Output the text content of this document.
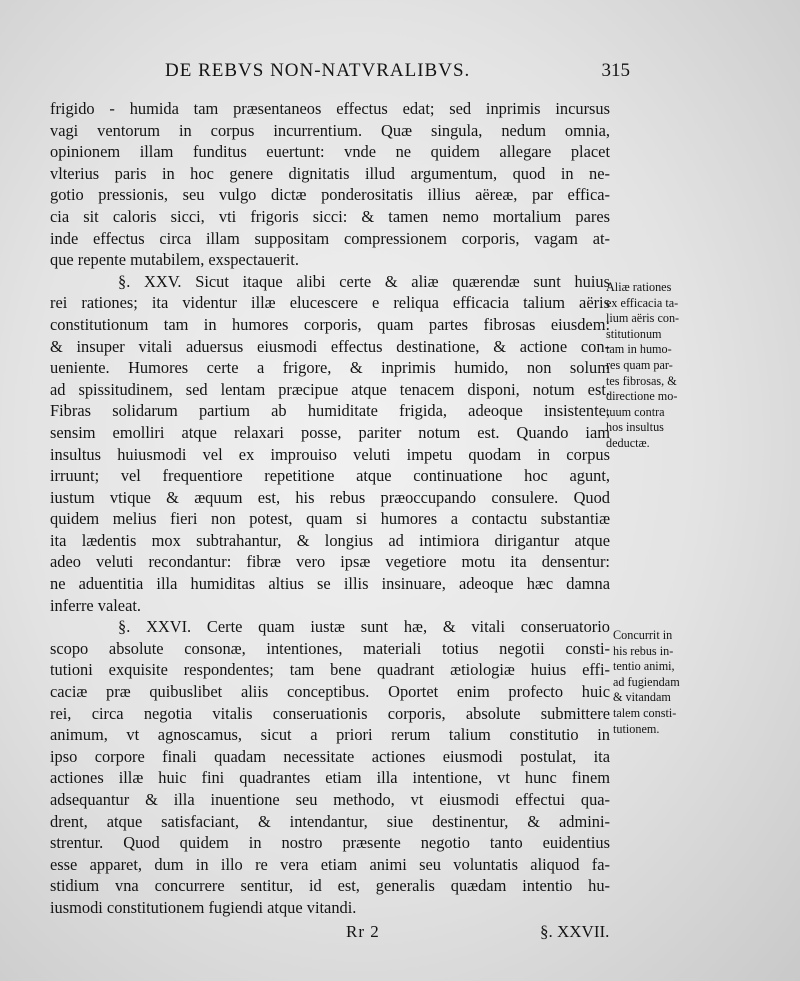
DE REBVS NON-NATVRALIBVS.	315
frigido - humida tam præsentaneos effectus edat; sed inprimis incursus
vagi ventorum in corpus incurrentium. Quæ singula, nedum omnia,
opinionem illam funditus euertunt: vnde ne quidem allegare placet
vlterius paris in hoc genere dignitatis illud argumentum, quod in ne-
gotio pressionis, seu vulgo dictæ ponderositatis illius aëreæ, par effica-
cia sit caloris sicci, vti frigoris sicci: & tamen nemo mortalium pares
inde effectus circa illam suppositam compressionem corporis, vagam at-
que repente mutabilem, exspectauerit.
§. XXV. Sicut itaque alibi certe & aliæ quærendæ sunt huius
rei rationes; ita videntur illæ elucescere e reliqua efficacia talium aëris
constitutionum tam in humores corporis, quam partes fibrosas eiusdem:
& insuper vitali aduersus eiusmodi effectus destinatione, & actione con-
ueniente. Humores certe a frigore, & inprimis humido, non solum
ad spissitudinem, sed lentam præcipue atque tenacem disponi, notum est.
Fibras solidarum partium ab humiditate frigida, adeoque insistente,
sensim emolliri atque relaxari posse, pariter notum est. Quando iam
insultus huiusmodi vel ex improuiso veluti impetu quodam in corpus
irruunt; vel frequentiore repetitione atque continuatione hoc agunt,
iustum vtique & æquum est, his rebus præoccupando consulere. Quod
quidem melius fieri non potest, quam si humores a contactu substantiæ
ita lædentis mox subtrahantur, & longius ad intimiora dirigantur atque
adeo veluti recondantur: fibræ vero ipsæ vegetiore motu ita densentur:
ne aduentitia illa humiditas altius se illis insinuare, adeoque hæc damna
inferre valeat.
§. XXVI. Certe quam iustæ sunt hæ, & vitali conseruatorio
scopo absolute consonæ, intentiones, materiali totius negotii consti-
tutioni exquisite respondentes; tam bene quadrant ætiologiæ huius effi-
caciæ præ quibuslibet aliis conceptibus. Oportet enim profecto huic
rei, circa negotia vitalis conseruationis corporis, absolute submittere
animum, vt agnoscamus, sicut a priori rerum talium constitutio in
ipso corpore finali quadam necessitate actiones eiusmodi postulat, ita
actiones illæ huic fini quadrantes etiam illa intentione, vt hunc finem
adsequantur & illa inuentione seu methodo, vt eiusmodi effectui qua-
drent, atque satisfaciant, & intendantur, siue destinentur, & admini-
strentur. Quod quidem in nostro præsente negotio tanto euidentius
esse apparet, dum in illo re vera etiam animi seu voluntatis aliquod fa-
stidium vna concurrere sentitur, id est, generalis quædam intentio hu-
iusmodi constitutionem fugiendi atque vitandi.
Aliæ rationes
ex efficacia ta-
lium aëris con-
stitutionum
tam in humo-
res quam par-
tes fibrosas, &
directione mo-
tuum contra
hos insultus
deductæ.
Concurrit in
his rebus in-
tentio animi,
ad fugiendam
& vitandam
talem consti-
tutionem.
Rr 2	§. XXVII.
